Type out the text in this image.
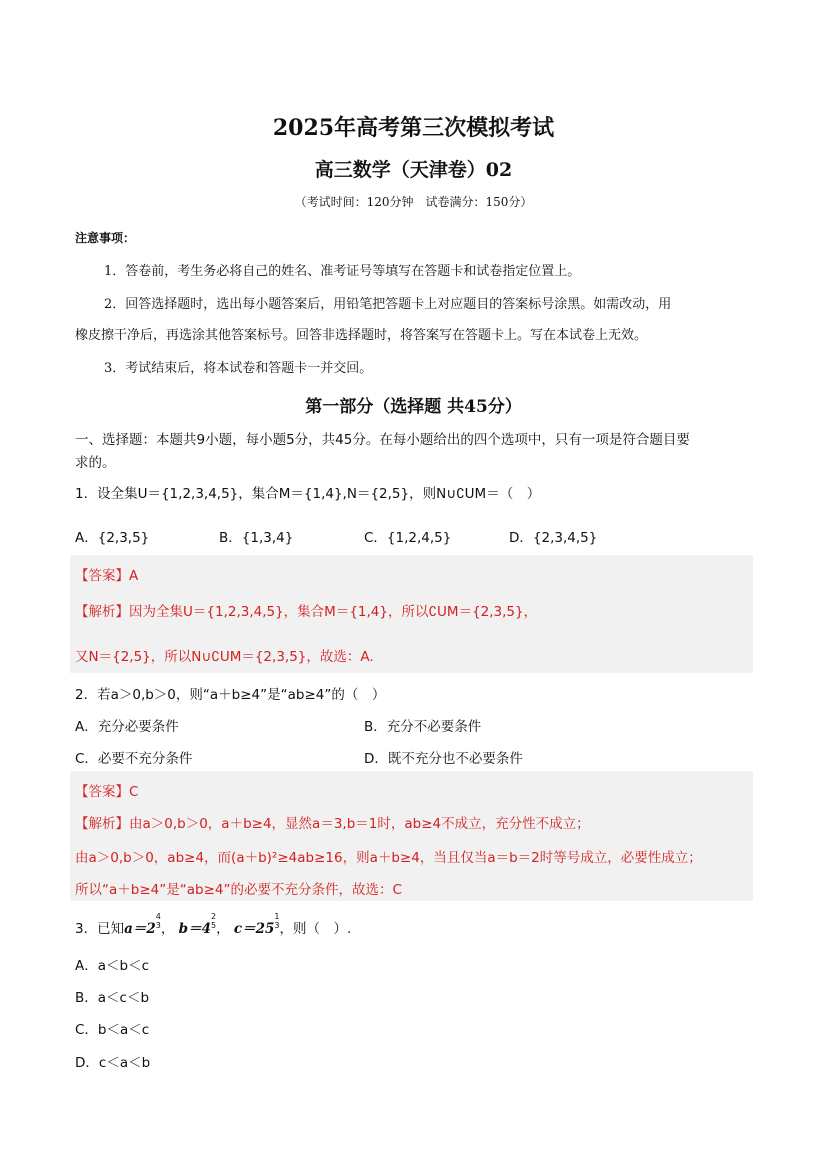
2025年高考第三次模拟考试
高三数学（天津卷）02
（考试时间：120分钟　试卷满分：150分）
注意事项：
1．答卷前，考生务必将自己的姓名、准考证号等填写在答题卡和试卷指定位置上。
2．回答选择题时，选出每小题答案后，用铅笔把答题卡上对应题目的答案标号涂黑。如需改动，用
橡皮擦干净后，再选涂其他答案标号。回答非选择题时，将答案写在答题卡上。写在本试卷上无效。
3．考试结束后，将本试卷和答题卡一并交回。
第一部分（选择题 共45分）
一、选择题：本题共9小题，每小题5分，共45分。在每小题给出的四个选项中，只有一项是符合题目要
求的。
1．设全集U＝{1,2,3,4,5}，集合M＝{1,4},N＝{2,5}，则N∪∁UM＝（　）
A．{2,3,5}	B．{1,3,4}	C．{1,2,4,5}	D．{2,3,4,5}
【答案】A
【解析】因为全集U＝{1,2,3,4,5}，集合M＝{1,4}，所以∁UM＝{2,3,5}，
又N＝{2,5}，所以N∪∁UM＝{2,3,5}，故选：A.
2．若a＞0,b＞0，则“a＋b≥4”是“ab≥4”的（　）
A．充分必要条件	B．充分不必要条件
C．必要不充分条件	D．既不充分也不必要条件
【答案】C
【解析】由a＞0,b＞0，a＋b≥4，显然a＝3,b＝1时，ab≥4不成立，充分性不成立；
由a＞0,b＞0，ab≥4，而(a＋b)²≥4ab≥16，则a＋b≥4，当且仅当a＝b＝2时等号成立，必要性成立；
所以“a＋b≥4”是“ab≥4”的必要不充分条件，故选：C
3．已知a＝2
4
3 ， b＝4
2
5 ， c＝25
1
3 ，则（　）.
A．a＜b＜c
B．a＜c＜b
C．b＜a＜c
D．c＜a＜b
